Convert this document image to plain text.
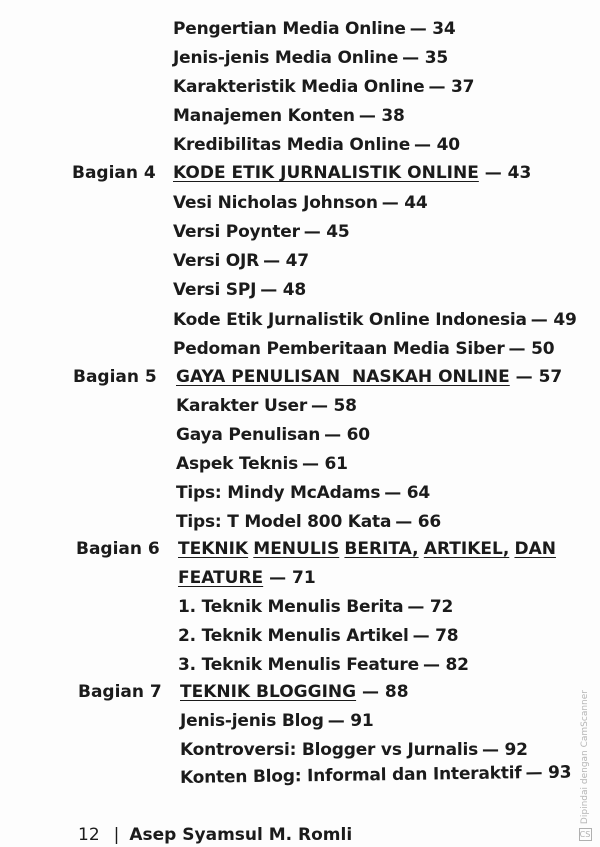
Pengertian Media Online — 34
Jenis-jenis Media Online — 35
Karakteristik Media Online — 37
Manajemen Konten — 38
Kredibilitas Media Online — 40
Bagian 4 KODE ETIK JURNALISTIK ONLINE — 43
Vesi Nicholas Johnson — 44
Versi Poynter — 45
Versi OJR — 47
Versi SPJ — 48
Kode Etik Jurnalistik Online Indonesia — 49
Pedoman Pemberitaan Media Siber — 50
Bagian 5 GAYA PENULISAN  NASKAH ONLINE — 57
Karakter User — 58
Gaya Penulisan — 60
Aspek Teknis — 61
Tips: Mindy McAdams — 64
Tips: T Model 800 Kata — 66
Bagian 6 TEKNIK MENULIS BERITA, ARTIKEL, DAN
FEATURE — 71
1. Teknik Menulis Berita — 72
2. Teknik Menulis Artikel — 78
3. Teknik Menulis Feature — 82
Bagian 7 TEKNIK BLOGGING — 88
Jenis-jenis Blog — 91
Kontroversi: Blogger vs Jurnalis — 92
Konten Blog: Informal dan Interaktif — 93
12 | Asep Syamsul M. Romli
Dipindai dengan CamScanner
CS
